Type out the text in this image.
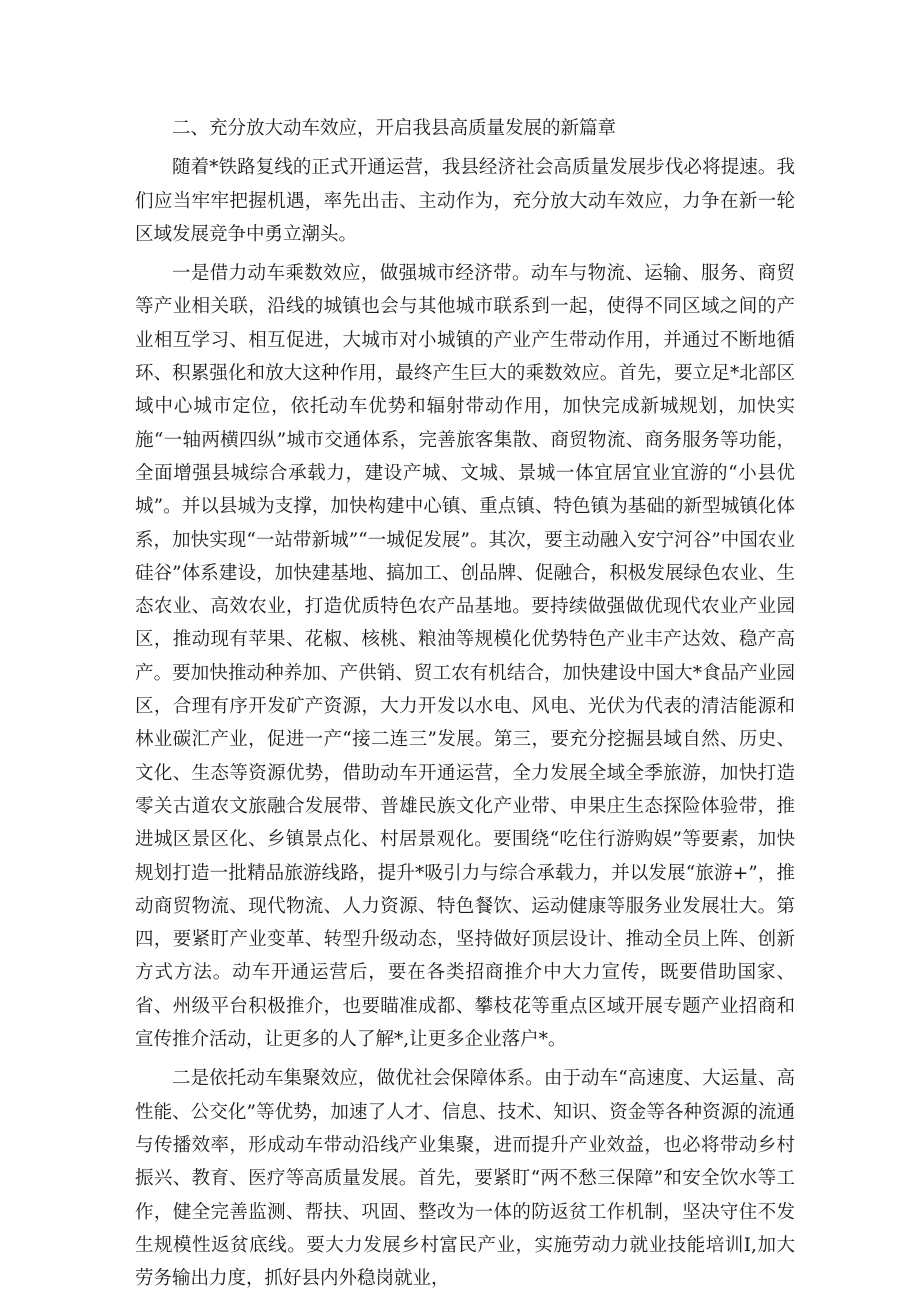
二、充分放大动车效应，开启我县高质量发展的新篇章

随着*铁路复线的正式开通运营，我县经济社会高质量发展步伐必将提速。我们应当牢牢把握机遇，率先出击、主动作为，充分放大动车效应，力争在新一轮区域发展竞争中勇立潮头。

一是借力动车乘数效应，做强城市经济带。动车与物流、运输、服务、商贸等产业相关联，沿线的城镇也会与其他城市联系到一起，使得不同区域之间的产业相互学习、相互促进，大城市对小城镇的产业产生带动作用，并通过不断地循环、积累强化和放大这种作用，最终产生巨大的乘数效应。首先，要立足*北部区域中心城市定位，依托动车优势和辐射带动作用，加快完成新城规划，加快实施“一轴两横四纵”城市交通体系，完善旅客集散、商贸物流、商务服务等功能，全面增强县城综合承载力，建设产城、文城、景城一体宜居宜业宜游的“小县优城”。并以县城为支撑，加快构建中心镇、重点镇、特色镇为基础的新型城镇化体系，加快实现“一站带新城”“一城促发展”。其次，要主动融入安宁河谷”中国农业硅谷”体系建设，加快建基地、搞加工、创品牌、促融合，积极发展绿色农业、生态农业、高效农业，打造优质特色农产品基地。要持续做强做优现代农业产业园区，推动现有苹果、花椒、核桃、粮油等规模化优势特色产业丰产达效、稳产高产。要加快推动种养加、产供销、贸工农有机结合，加快建设中国大*食品产业园区，合理有序开发矿产资源，大力开发以水电、风电、光伏为代表的清洁能源和林业碳汇产业，促进一产“接二连三”发展。第三，要充分挖掘县域自然、历史、文化、生态等资源优势，借助动车开通运营，全力发展全域全季旅游，加快打造零关古道农文旅融合发展带、普雄民族文化产业带、申果庄生态探险体验带，推进城区景区化、乡镇景点化、村居景观化。要围绕“吃住行游购娱”等要素，加快规划打造一批精品旅游线路，提升*吸引力与综合承载力，并以发展“旅游+”，推动商贸物流、现代物流、人力资源、特色餐饮、运动健康等服务业发展壮大。第四，要紧盯产业变革、转型升级动态，坚持做好顶层设计、推动全员上阵、创新方式方法。动车开通运营后，要在各类招商推介中大力宣传，既要借助国家、省、州级平台积极推介，也要瞄准成都、攀枝花等重点区域开展专题产业招商和宣传推介活动，让更多的人了解*,让更多企业落户*。

二是依托动车集聚效应，做优社会保障体系。由于动车“高速度、大运量、高性能、公交化”等优势，加速了人才、信息、技术、知识、资金等各种资源的流通与传播效率，形成动车带动沿线产业集聚，进而提升产业效益，也必将带动乡村振兴、教育、医疗等高质量发展。首先，要紧盯“两不愁三保障”和安全饮水等工作，健全完善监测、帮扶、巩固、整改为一体的防返贫工作机制，坚决守住不发生规模性返贫底线。要大力发展乡村富民产业，实施劳动力就业技能培训I,加大劳务输出力度，抓好县内外稳岗就业，
